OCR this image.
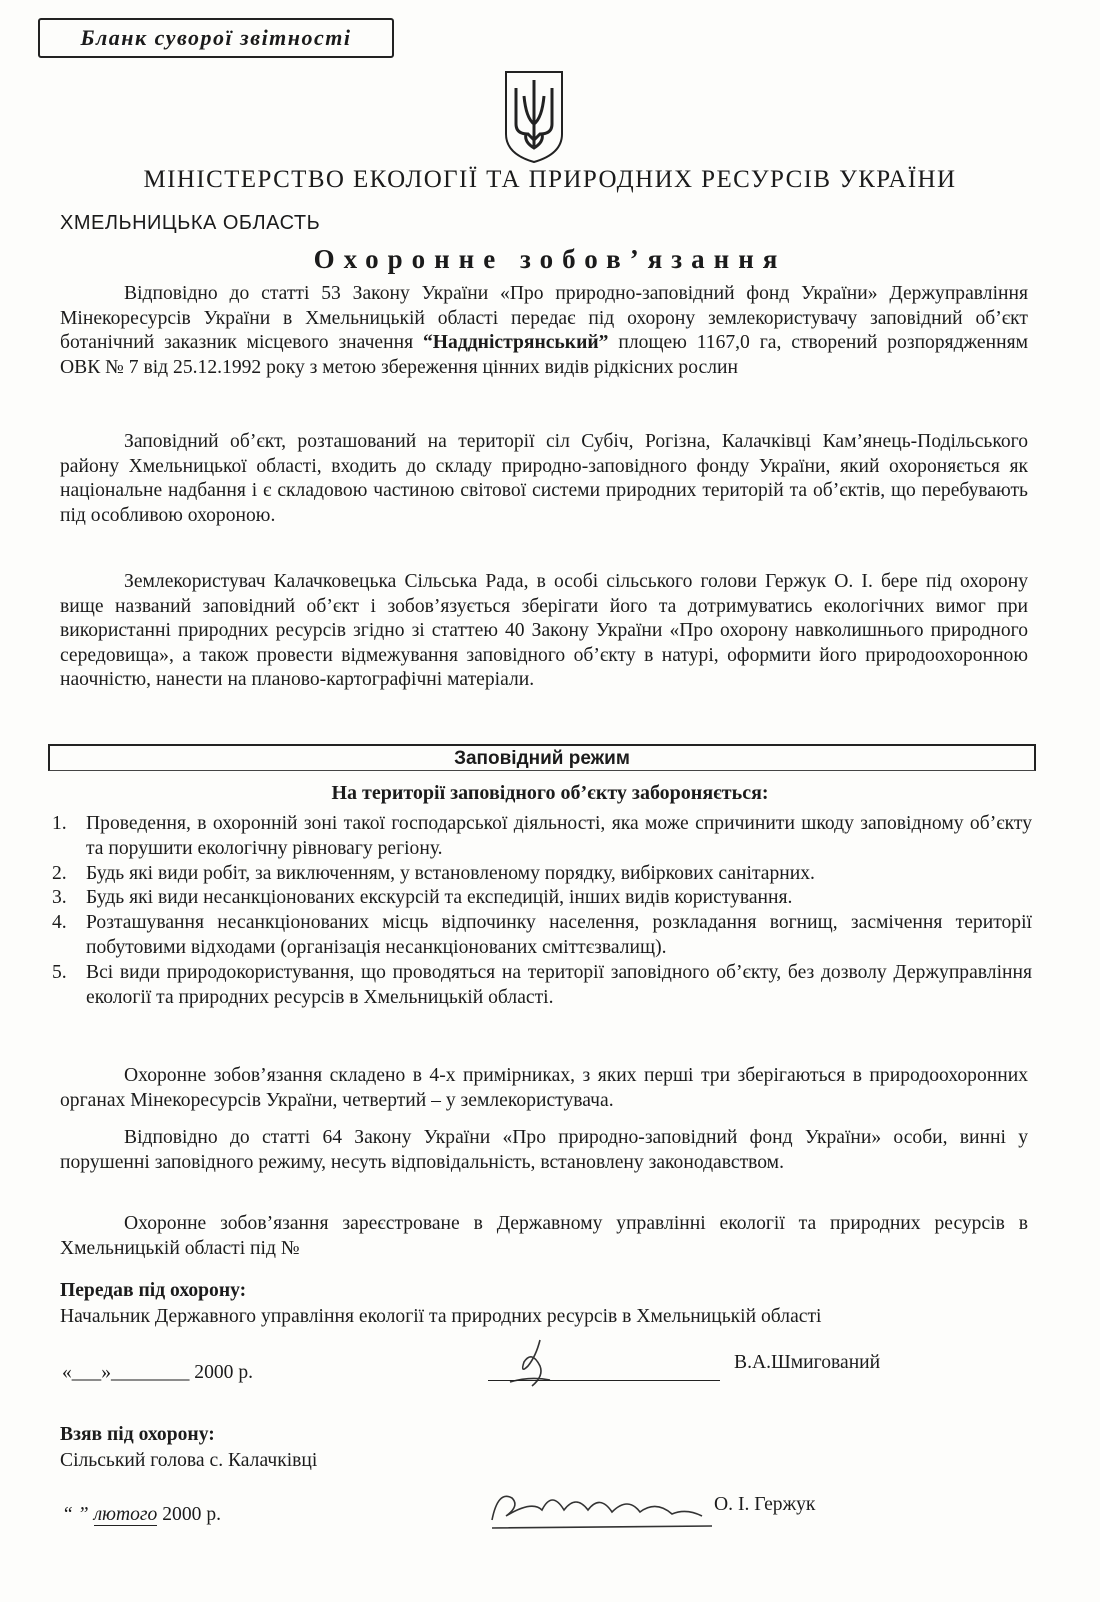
Бланк суворої звітності
МІНІСТЕРСТВО ЕКОЛОГІЇ ТА ПРИРОДНИХ РЕСУРСІВ УКРАЇНИ
ХМЕЛЬНИЦЬКА ОБЛАСТЬ
Охоронне зобов’язання

Відповідно до статті 53 Закону України «Про природно-заповідний фонд України» Держуправління Мінекоресурсів України в Хмельницькій області передає під охорону землекористувачу заповідний об’єкт ботанічний заказник місцевого значення “Наддністрянський” площею 1167,0 га, створений розпорядженням ОВК № 7 від 25.12.1992 року з метою збереження цінних видів рідкісних рослин

Заповідний об’єкт, розташований на території сіл Субіч, Рогізна, Калачківці Кам’янець-Подільського району Хмельницької області, входить до складу природно-заповідного фонду України, який охороняється як національне надбання і є складовою частиною світової системи природних територій та об’єктів, що перебувають під особливою охороною.

Землекористувач Калачковецька Сільська Рада, в особі сільського голови Гержук О. І. бере під охорону вище названий заповідний об’єкт і зобов’язується зберігати його та дотримуватись екологічних вимог при використанні природних ресурсів згідно зі статтею 40 Закону України «Про охорону навколишнього природного середовища», а також провести відмежування заповідного об’єкту в натурі, оформити його природоохоронною наочністю, нанести на планово-картографічні матеріали.

Заповідний режим
На території заповідного об’єкту забороняється:
1. Проведення, в охоронній зоні такої господарської діяльності, яка може спричинити шкоду заповідному об’єкту та порушити екологічну рівновагу регіону.
2. Будь які види робіт, за виключенням, у встановленому порядку, вибіркових санітарних.
3. Будь які види несанкціонованих екскурсій та експедицій, інших видів користування.
4. Розташування несанкціонованих місць відпочинку населення, розкладання вогнищ, засмічення території побутовими відходами (організація несанкціонованих сміттєзвалищ).
5. Всі види природокористування, що проводяться на території заповідного об’єкту, без дозволу Держуправління екології та природних ресурсів в Хмельницькій області.

Охоронне зобов’язання складено в 4-х примірниках, з яких перші три зберігаються в природоохоронних органах Мінекоресурсів України, четвертий – у землекористувача.

Відповідно до статті 64 Закону України «Про природно-заповідний фонд України» особи, винні у порушенні заповідного режиму, несуть відповідальність, встановлену законодавством.

Охоронне зобов’язання зареєстроване в Державному управлінні екології та природних ресурсів в Хмельницькій області під №

Передав під охорону:
Начальник Державного управління екології та природних ресурсів в Хмельницькій області
«___»________ 2000 р.	В.А.Шмигований
Взяв під охорону:
Сільський голова с. Калачківці
“ ” лютого 2000 р.	О. І. Гержук
